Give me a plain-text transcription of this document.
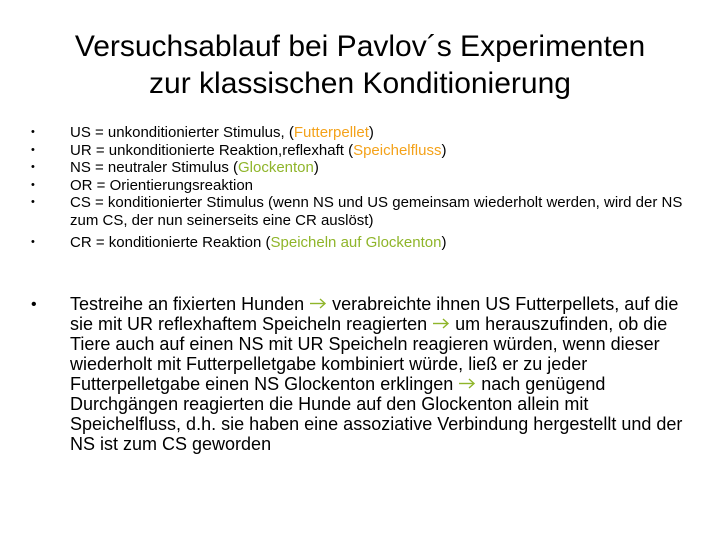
Versuchsablauf bei Pavlov´s Experimenten
zur klassischen Konditionierung
• US = unkonditionierter Stimulus, (Futterpellet)
• UR = unkonditionierte Reaktion,reflexhaft (Speichelfluss)
• NS = neutraler Stimulus (Glockenton)
• OR = Orientierungsreaktion
• CS = konditionierter Stimulus (wenn NS und US gemeinsam wiederholt werden, wird der NS zum CS, der nun seinerseits eine CR auslöst)
• CR = konditionierte Reaktion (Speicheln auf Glockenton)
• Testreihe an fixierten Hunden  verabreichte ihnen US Futterpellets, auf die sie mit UR reflexhaftem Speicheln reagierten  um herauszufinden, ob die Tiere auch auf einen NS mit UR Speicheln reagieren würden, wenn dieser wiederholt mit Futterpelletgabe kombiniert würde, ließ er zu jeder Futterpelletgabe einen NS Glockenton erklingen  nach genügend Durchgängen reagierten die Hunde auf den Glockenton allein mit Speichelfluss, d.h. sie haben eine assoziative Verbindung hergestellt und der NS ist zum CS geworden
